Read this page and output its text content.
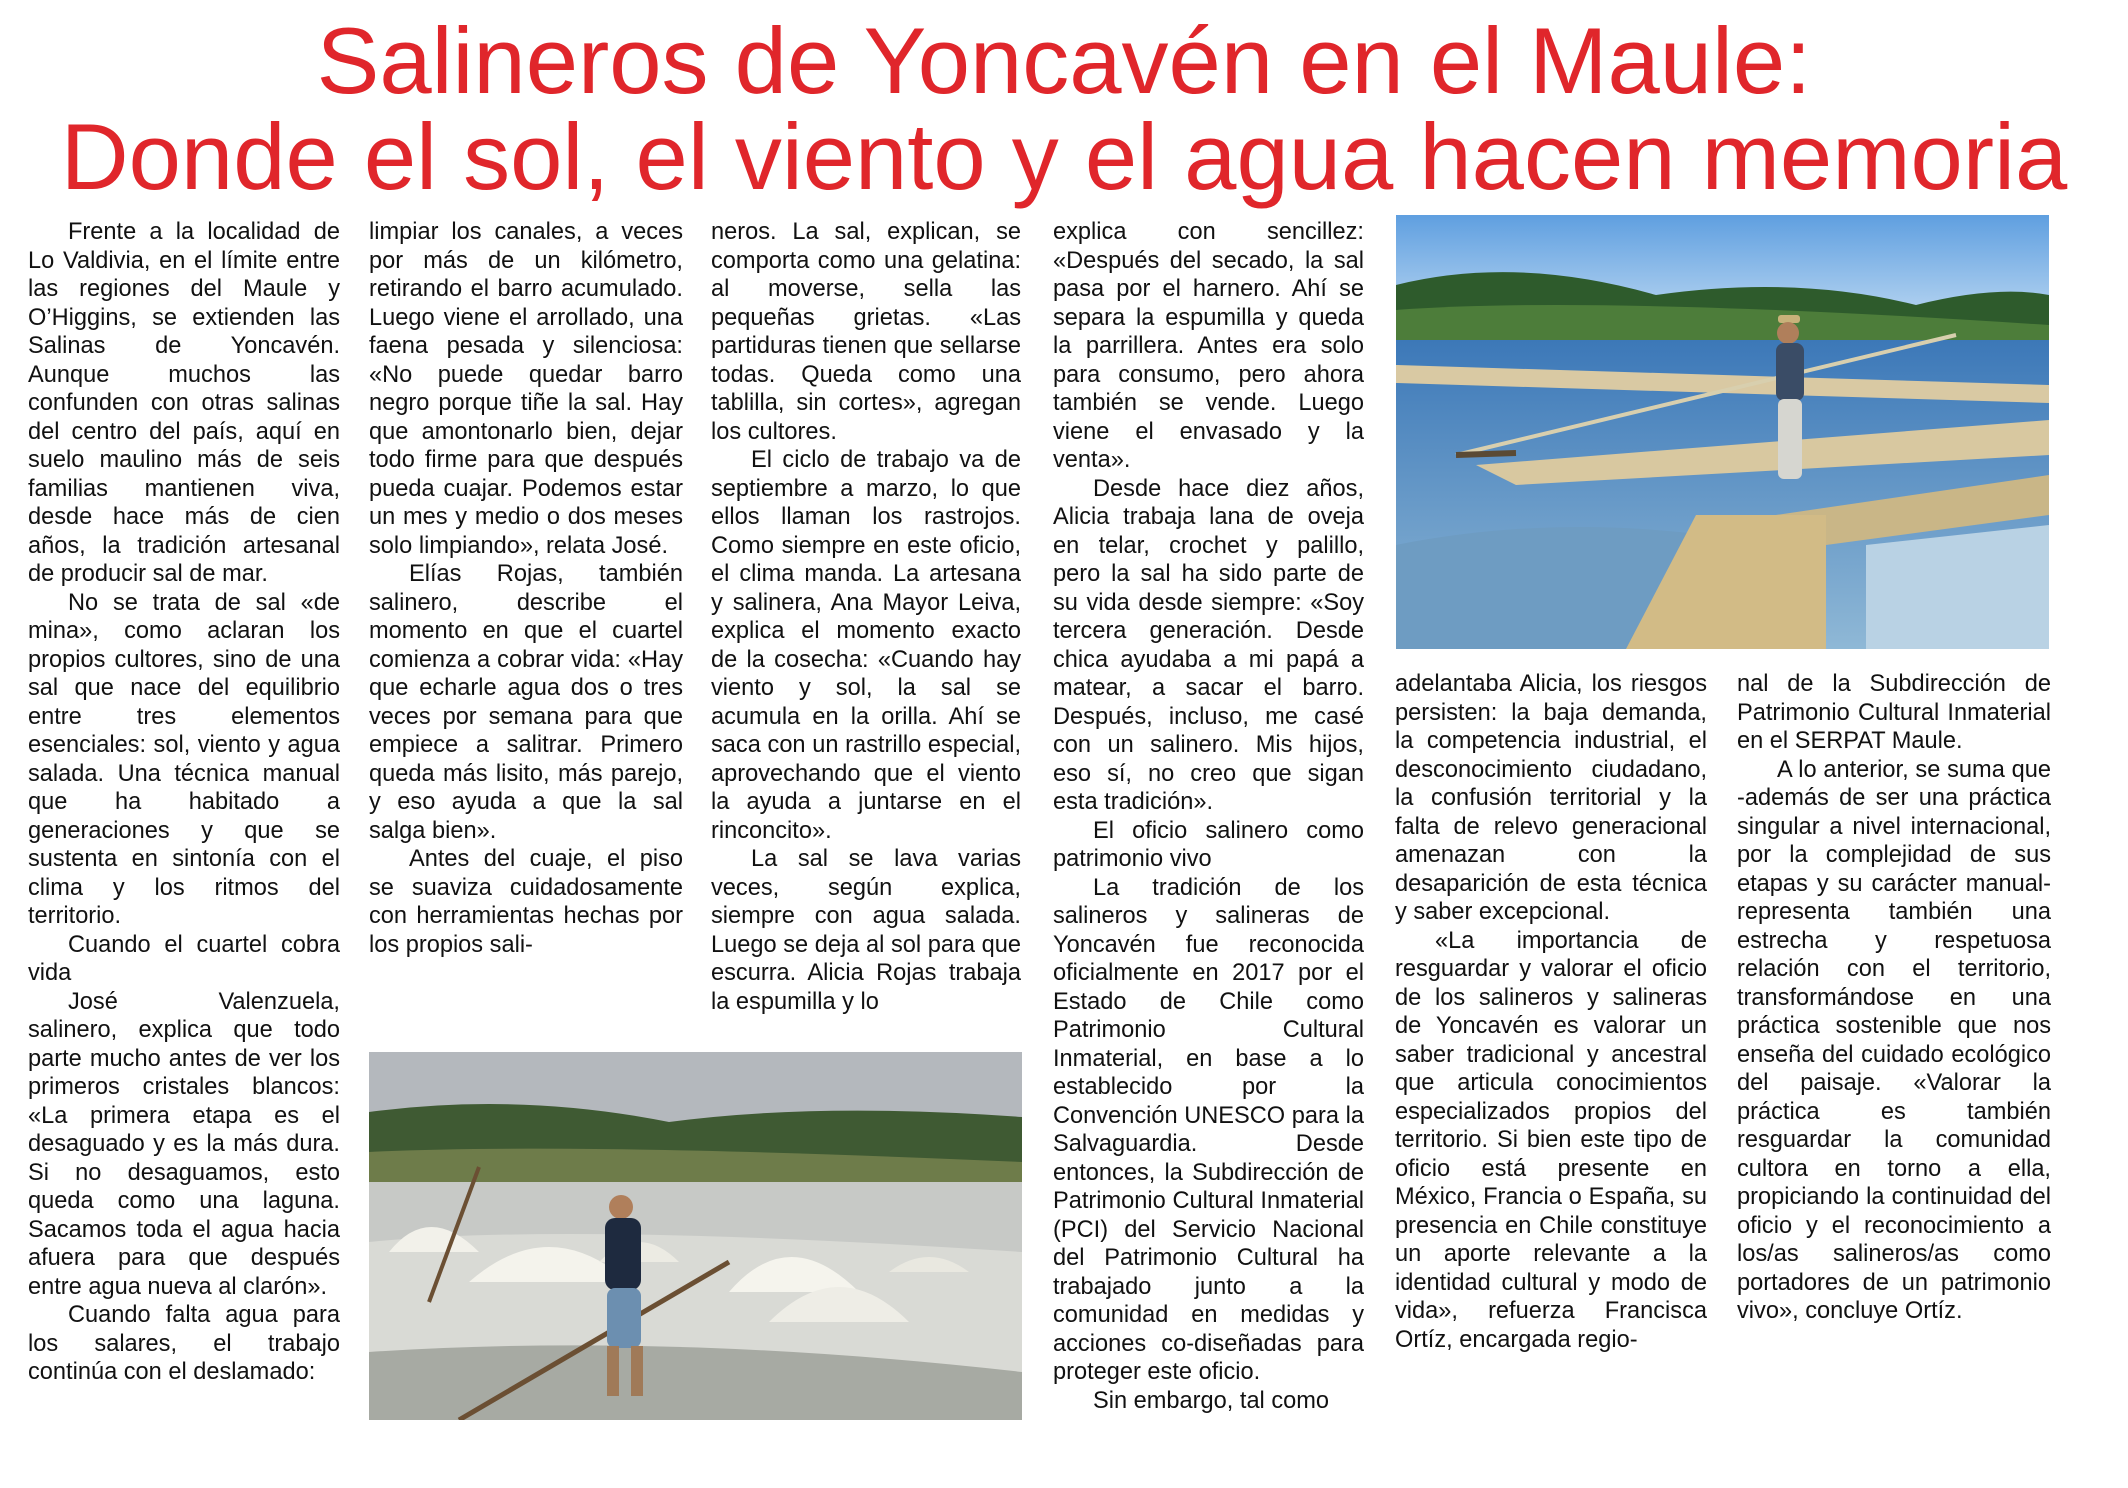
Salineros de Yoncavén en el Maule:
Donde el sol, el viento y el agua hacen memoria

Frente a la localidad de Lo Valdivia, en el límite entre las regiones del Maule y O’Higgins, se extienden las Salinas de Yoncavén. Aunque muchos las confunden con otras salinas del centro del país, aquí en suelo maulino más de seis familias mantienen viva, desde hace más de cien años, la tradición artesanal de producir sal de mar.

No se trata de sal «de mina», como aclaran los propios cultores, sino de una sal que nace del equilibrio entre tres elementos esenciales: sol, viento y agua salada. Una técnica manual que ha habitado a generaciones y que se sustenta en sintonía con el clima y los ritmos del territorio.

Cuando el cuartel cobra vida

José Valenzuela, salinero, explica que todo parte mucho antes de ver los primeros cristales blancos: «La primera etapa es el desaguado y es la más dura. Si no desaguamos, esto queda como una laguna. Sacamos toda el agua hacia afuera para que después entre agua nueva al clarón».

Cuando falta agua para los salares, el trabajo continúa con el deslamado:

limpiar los canales, a veces por más de un kilómetro, retirando el barro acumulado. Luego viene el arrollado, una faena pesada y silenciosa: «No puede quedar barro negro porque tiñe la sal. Hay que amontonarlo bien, dejar todo firme para que después pueda cuajar. Podemos estar un mes y medio o dos meses solo limpiando», relata José.

Elías Rojas, también salinero, describe el momento en que el cuartel comienza a cobrar vida: «Hay que echarle agua dos o tres veces por semana para que empiece a salitrar. Primero queda más lisito, más parejo, y eso ayuda a que la sal salga bien».

Antes del cuaje, el piso se suaviza cuidadosamente con herramientas hechas por los propios sali-

neros. La sal, explican, se comporta como una gelatina: al moverse, sella las pequeñas grietas. «Las partiduras tienen que sellarse todas. Queda como una tablilla, sin cortes», agregan los cultores.

El ciclo de trabajo va de septiembre a marzo, lo que ellos llaman los rastrojos. Como siempre en este oficio, el clima manda. La artesana y salinera, Ana Mayor Leiva, explica el momento exacto de la cosecha: «Cuando hay viento y sol, la sal se acumula en la orilla. Ahí se saca con un rastrillo especial, aprovechando que el viento la ayuda a juntarse en el rinconcito».

La sal se lava varias veces, según explica, siempre con agua salada. Luego se deja al sol para que escurra. Alicia Rojas trabaja la espumilla y lo

explica con sencillez: «Después del secado, la sal pasa por el harnero. Ahí se separa la espumilla y queda la parrillera. Antes era solo para consumo, pero ahora también se vende. Luego viene el envasado y la venta».

Desde hace diez años, Alicia trabaja lana de oveja en telar, crochet y palillo, pero la sal ha sido parte de su vida desde siempre: «Soy tercera generación. Desde chica ayudaba a mi papá a matear, a sacar el barro. Después, incluso, me casé con un salinero. Mis hijos, eso sí, no creo que sigan esta tradición».

El oficio salinero como patrimonio vivo

La tradición de los salineros y salineras de Yoncavén fue reconocida oficialmente en 2017 por el Estado de Chile como Patrimonio Cultural Inmaterial, en base a lo establecido por la Convención UNESCO para la Salvaguardia. Desde entonces, la Subdirección de Patrimonio Cultural Inmaterial (PCI) del Servicio Nacional del Patrimonio Cultural ha trabajado junto a la comunidad en medidas y acciones co-diseñadas para proteger este oficio.

Sin embargo, tal como

adelantaba Alicia, los riesgos persisten: la baja demanda, la competencia industrial, el desconocimiento ciudadano, la confusión territorial y la falta de relevo generacional amenazan con la desaparición de esta técnica y saber excepcional.

«La importancia de resguardar y valorar el oficio de los salineros y salineras de Yoncavén es valorar un saber tradicional y ancestral que articula conocimientos especializados propios del territorio. Si bien este tipo de oficio está presente en México, Francia o España, su presencia en Chile constituye un aporte relevante a la identidad cultural y modo de vida», refuerza Francisca Ortíz, encargada regio-

nal de la Subdirección de Patrimonio Cultural Inmaterial en el SERPAT Maule.

A lo anterior, se suma que -además de ser una práctica singular a nivel internacional, por la complejidad de sus etapas y su carácter manual- representa también una estrecha y respetuosa relación con el territorio, transformándose en una práctica sostenible que nos enseña del cuidado ecológico del paisaje. «Valorar la práctica es también resguardar la comunidad cultora en torno a ella, propiciando la continuidad del oficio y el reconocimiento a los/as salineros/as como portadores de un patrimonio vivo», concluye Ortíz.
